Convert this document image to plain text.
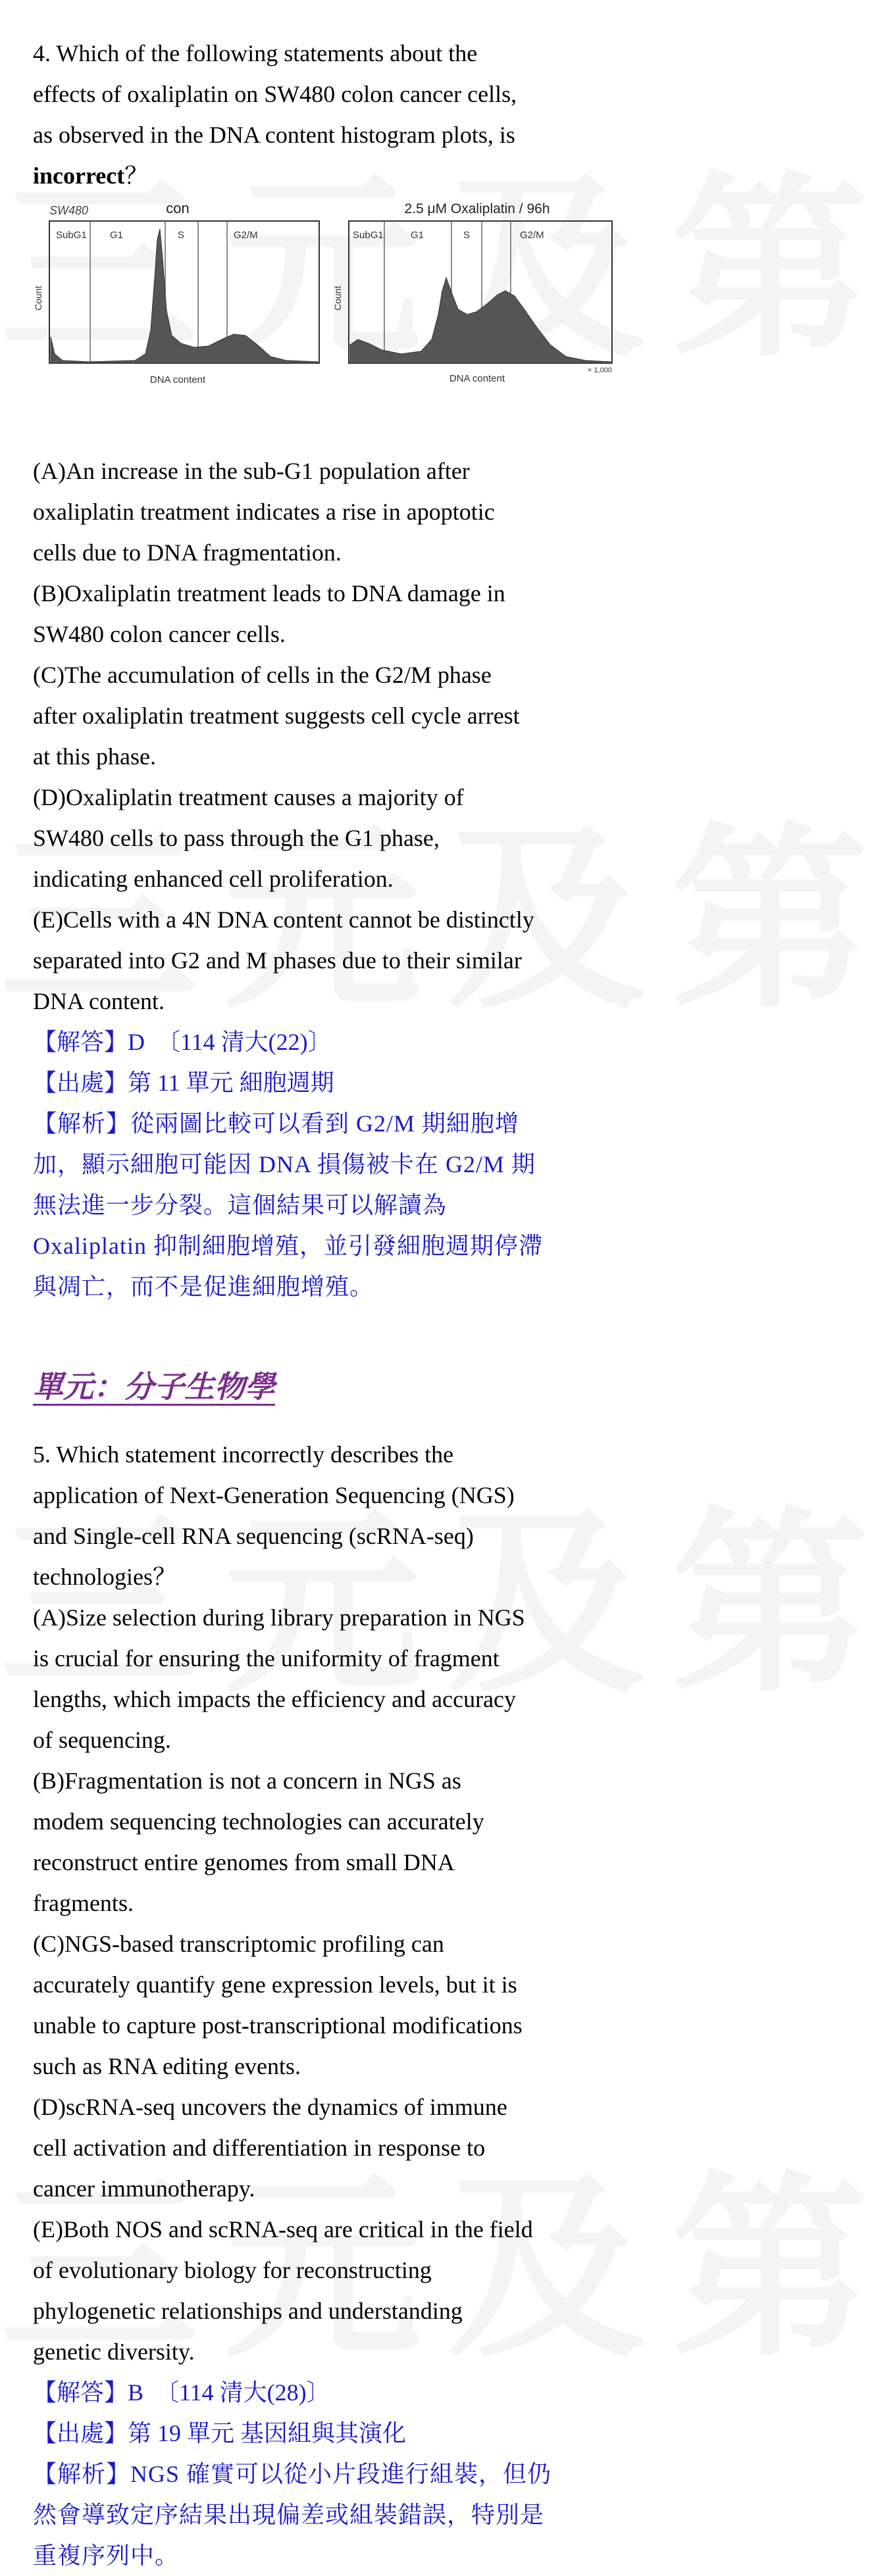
4. Which of the following statements about the

effects of oxaliplatin on SW480 colon cancer cells,

as observed in the DNA content histogram plots, is

incorrect？

SW480	con
SubG1 G1	S	G2/M
Count
DNA content
2.5 μM Oxaliplatin / 96h
SubG1	G1	S	G2/M
Count
DNA content
× 1,000

(A)An increase in the sub-G1 population after

oxaliplatin treatment indicates a rise in apoptotic

cells due to DNA fragmentation.

(B)Oxaliplatin treatment leads to DNA damage in

SW480 colon cancer cells.

(C)The accumulation of cells in the G2/M phase

after oxaliplatin treatment suggests cell cycle arrest

at this phase.

(D)Oxaliplatin treatment causes a majority of

SW480 cells to pass through the G1 phase,

indicating enhanced cell proliferation.

(E)Cells with a 4N DNA content cannot be distinctly

separated into G2 and M phases due to their similar

DNA content.

【解答】D　〔114 清大(22)〕
【出處】第 11 單元 細胞週期
【解析】從兩圖比較可以看到 G2/M 期細胞增
加，顯示細胞可能因 DNA 損傷被卡在 G2/M 期
無法進一步分裂。這個結果可以解讀為
Oxaliplatin 抑制細胞增殖，並引發細胞週期停滯
與凋亡，而不是促進細胞增殖。
單元：分子生物學

5. Which statement incorrectly describes the

application of Next-Generation Sequencing (NGS)

and Single-cell RNA sequencing (scRNA-seq)

technologies？

(A)Size selection during library preparation in NGS

is crucial for ensuring the uniformity of fragment

lengths, which impacts the efficiency and accuracy

of sequencing.

(B)Fragmentation is not a concern in NGS as

modem sequencing technologies can accurately

reconstruct entire genomes from small DNA

fragments.

(C)NGS-based transcriptomic profiling can

accurately quantify gene expression levels, but it is

unable to capture post-transcriptional modifications

such as RNA editing events.

(D)scRNA-seq uncovers the dynamics of immune

cell activation and differentiation in response to

cancer immunotherapy.

(E)Both NOS and scRNA-seq are critical in the field

of evolutionary biology for reconstructing

phylogenetic relationships and understanding

genetic diversity.

【解答】B　〔114 清大(28)〕
【出處】第 19 單元 基因組與其演化
【解析】NGS 確實可以從小片段進行組裝，但仍
然會導致定序結果出現偏差或組裝錯誤，特別是
重複序列中。
